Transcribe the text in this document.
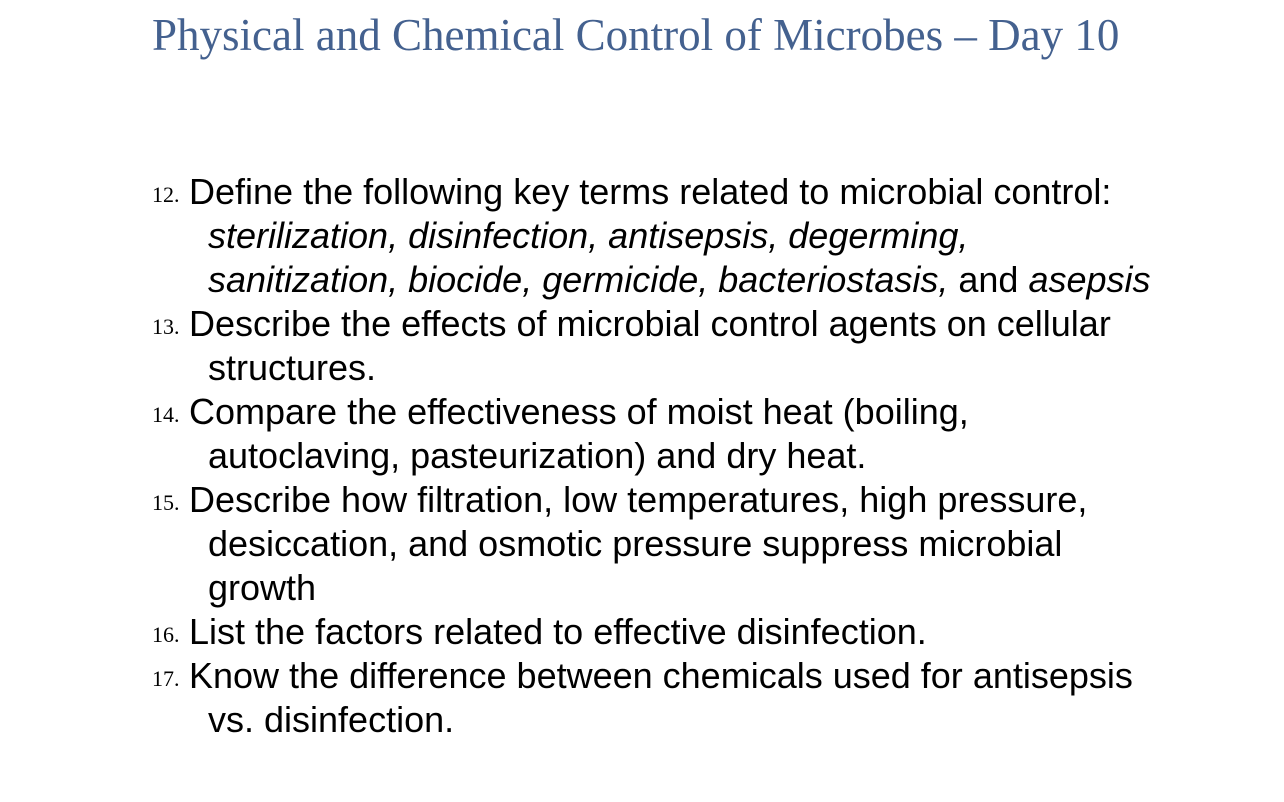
Physical and Chemical Control of Microbes – Day 10
12. Define the following key terms related to microbial control: sterilization, disinfection, antisepsis, degerming, sanitization, biocide, germicide, bacteriostasis, and asepsis
13. Describe the effects of microbial control agents on cellular structures.
14. Compare the effectiveness of moist heat (boiling, autoclaving, pasteurization) and dry heat.
15. Describe how filtration, low temperatures, high pressure, desiccation, and osmotic pressure suppress microbial growth
16. List the factors related to effective disinfection.
17. Know the difference between chemicals used for antisepsis vs. disinfection.
